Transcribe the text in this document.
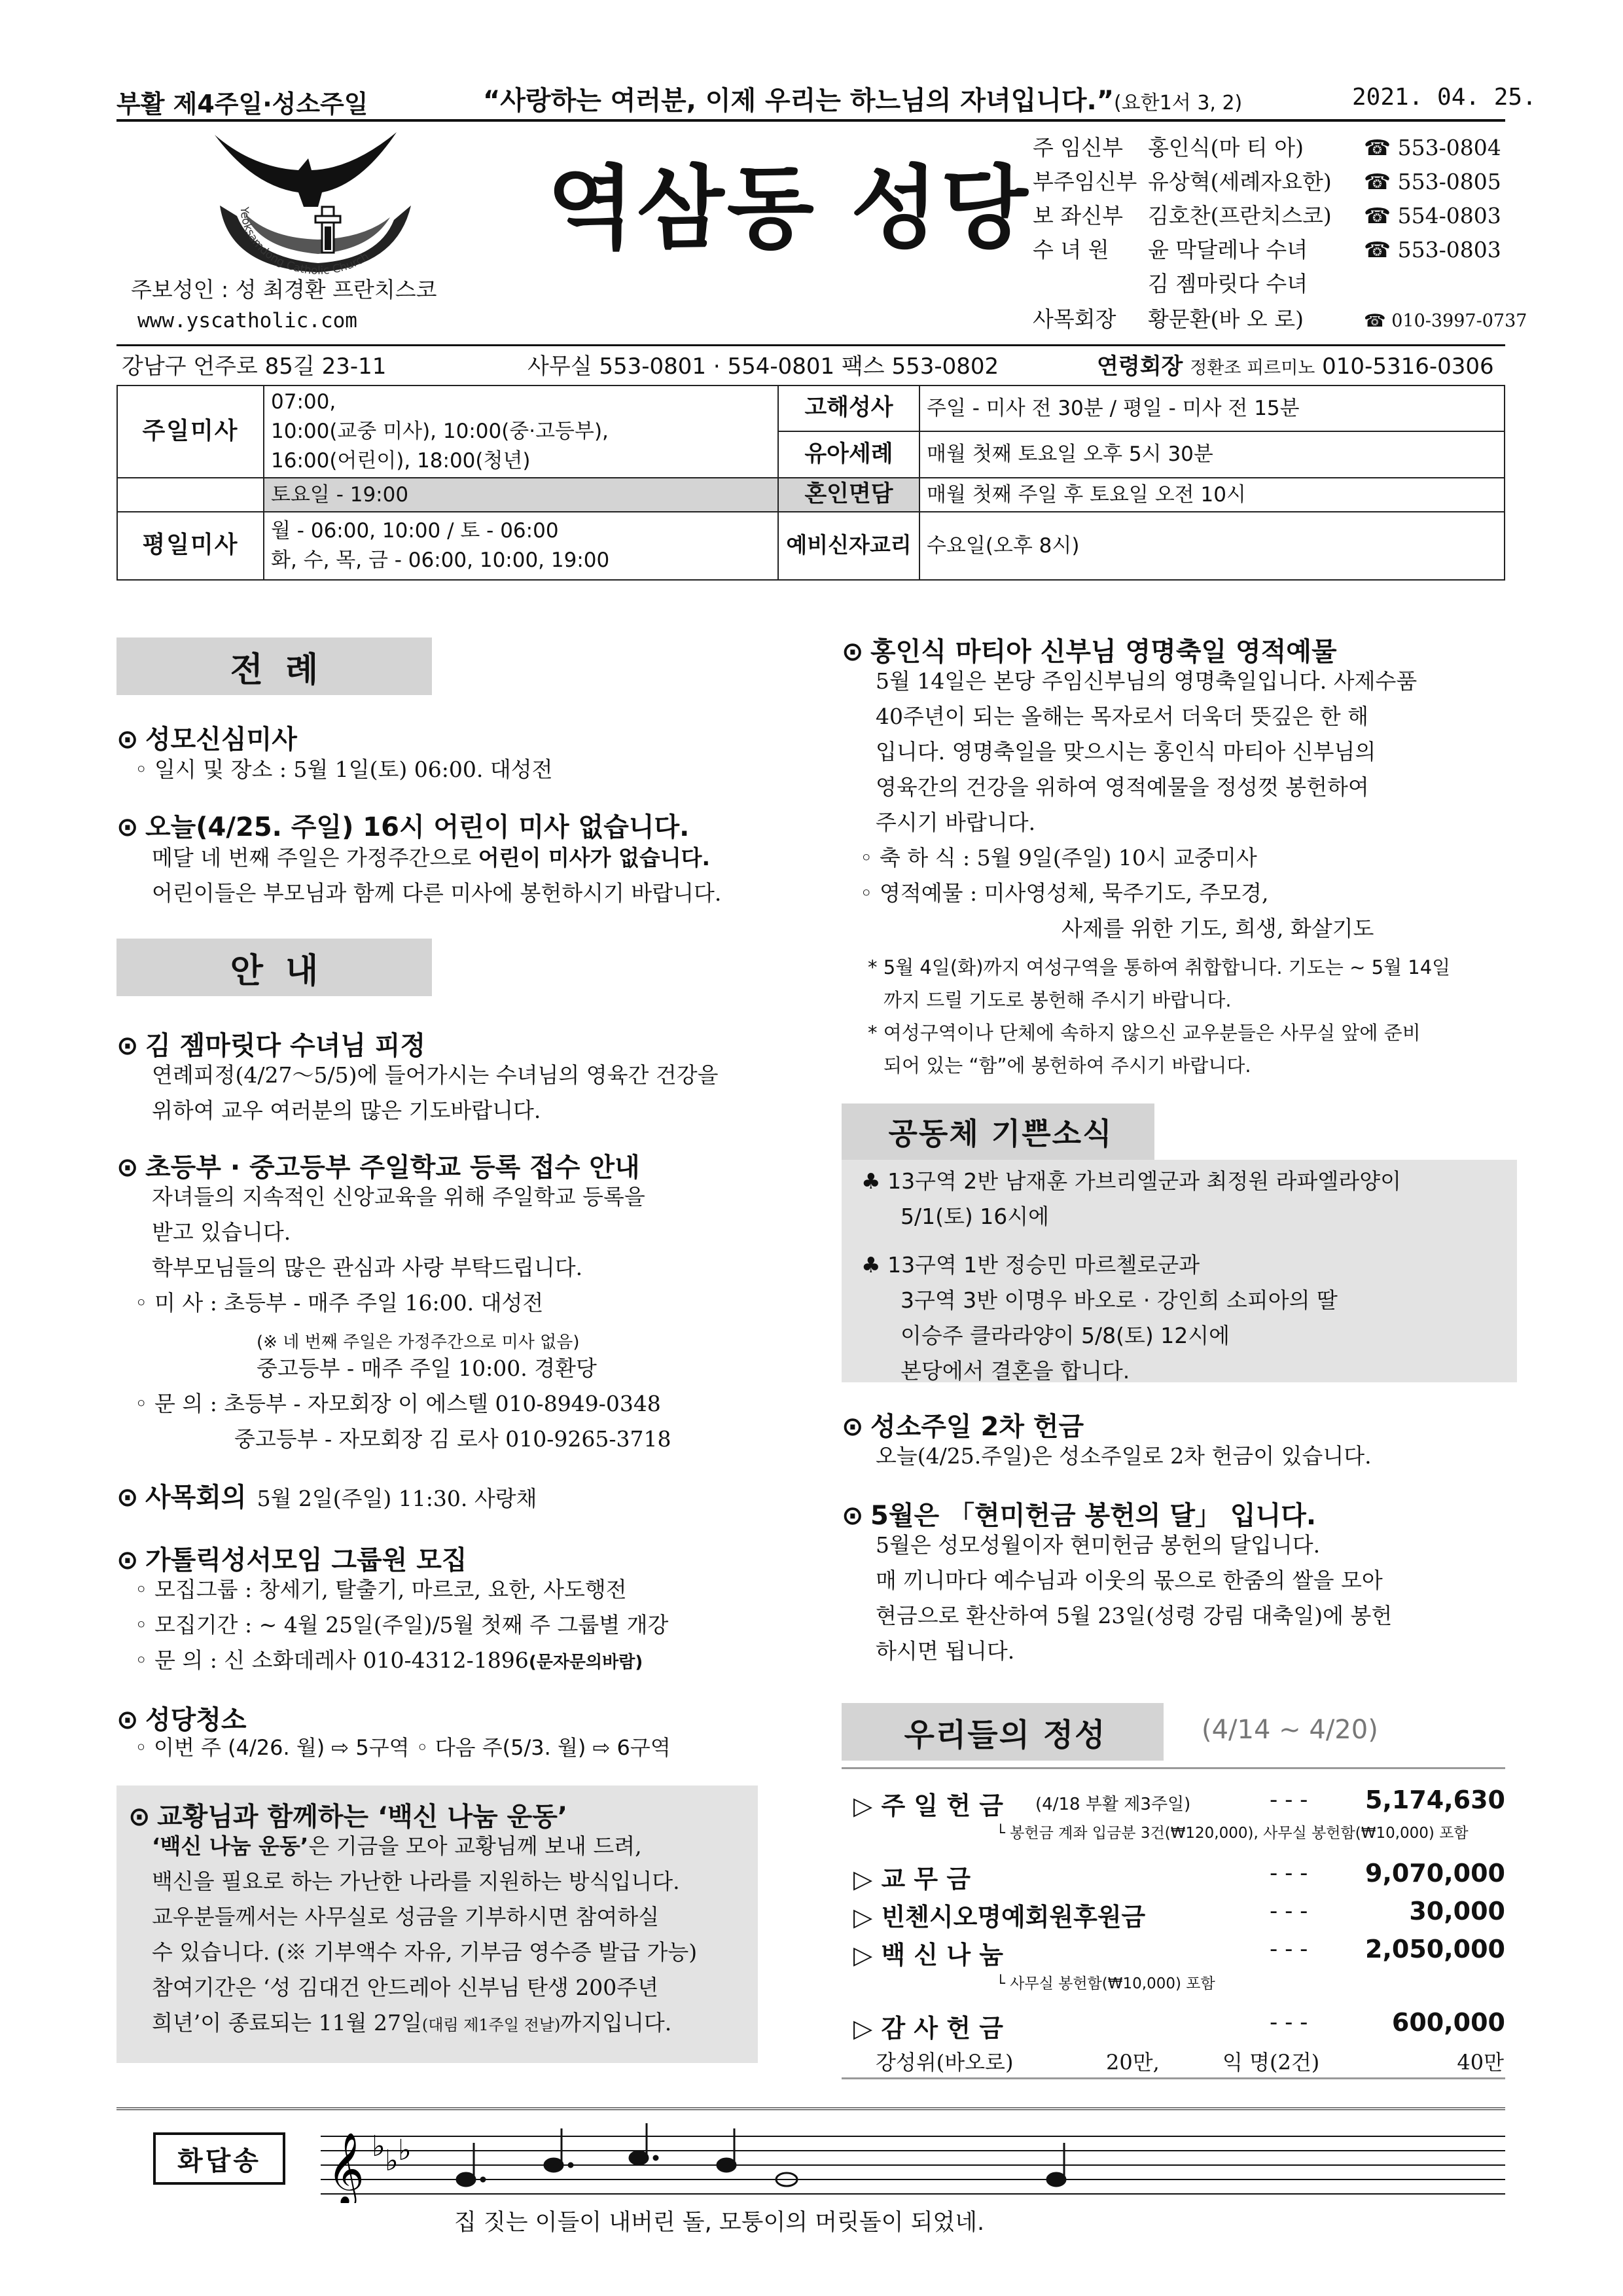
부활 제4주일·성소주일	“사랑하는 여러분, 이제 우리는 하느님의 자녀입니다.”(요한1서 3, 2)	2021. 04. 25.
Yeoksamdong Catholic Church 역삼동 성당
주보성인 : 성 최경환 프란치스코
www.yscatholic.com
주 임신부 홍인식(마 티 아)	☎ 553-0804
부주임신부 유상혁(세례자요한) ☎ 553-0805
보 좌신부 김호찬(프란치스코) ☎ 554-0803
수 녀 원 윤 막달레나 수녀	☎ 553-0803
김 젬마릿다 수녀
사목회장 황문환(바 오 로)	☎ 010-3997-0737
강남구 언주로 85길 23-11	사무실 553-0801 · 554-0801 팩스 553-0802	연령회장 정환조 피르미노 010-5316-0306
주일미사	07:00,
10:00(교중 미사), 10:00(중·고등부),
16:00(어린이), 18:00(청년)	고해성사	주일 - 미사 전 30분 / 평일 - 미사 전 15분
		유아세례	매월 첫째 토요일 오후 5시 30분
	토요일 - 19:00	혼인면담	매월 첫째 주일 후 토요일 오전 10시
평일미사	월 - 06:00, 10:00 / 토 - 06:00
화, 수, 목, 금 - 06:00, 10:00, 19:00	예비신자교리	수요일(오후 8시)
전 례
⊙ 성모신심미사
◦ 일시 및 장소 : 5월 1일(토) 06:00. 대성전
⊙ 오늘(4/25. 주일) 16시 어린이 미사 없습니다.
메달 네 번째 주일은 가정주간으로 어린이 미사가 없습니다.
어린이들은 부모님과 함께 다른 미사에 봉헌하시기 바랍니다.
안 내
⊙ 김 젬마릿다 수녀님 피정
연례피정(4/27～5/5)에 들어가시는 수녀님의 영육간 건강을
위하여 교우 여러분의 많은 기도바랍니다.
⊙ 초등부 · 중고등부 주일학교 등록 접수 안내
자녀들의 지속적인 신앙교육을 위해 주일학교 등록을
받고 있습니다.
학부모님들의 많은 관심과 사랑 부탁드립니다.
◦ 미 사 : 초등부 - 매주 주일 16:00. 대성전
(※ 네 번째 주일은 가정주간으로 미사 없음)
중고등부 - 매주 주일 10:00. 경환당
◦ 문 의 : 초등부 - 자모회장 이 에스텔 010-8949-0348
중고등부 - 자모회장 김 로사 010-9265-3718
⊙ 사목회의 5월 2일(주일) 11:30. 사랑채
⊙ 가톨릭성서모임 그룹원 모집
◦ 모집그룹 : 창세기, 탈출기, 마르코, 요한, 사도행전
◦ 모집기간 : ~ 4월 25일(주일)/5월 첫째 주 그룹별 개강
◦ 문 의 : 신 소화데레사 010-4312-1896(문자문의바람)
⊙ 성당청소
◦ 이번 주 (4/26. 월) ⇨ 5구역 ◦ 다음 주(5/3. 월) ⇨ 6구역
⊙ 교황님과 함께하는 ‘백신 나눔 운동’
‘백신 나눔 운동’은 기금을 모아 교황님께 보내 드려,
백신을 필요로 하는 가난한 나라를 지원하는 방식입니다.
교우분들께서는 사무실로 성금을 기부하시면 참여하실
수 있습니다. (※ 기부액수 자유, 기부금 영수증 발급 가능)
참여기간은 ‘성 김대건 안드레아 신부님 탄생 200주년
희년’이 종료되는 11월 27일(대림 제1주일 전날)까지입니다.
⊙ 홍인식 마티아 신부님 영명축일 영적예물
5월 14일은 본당 주임신부님의 영명축일입니다. 사제수품
40주년이 되는 올해는 목자로서 더욱더 뜻깊은 한 해
입니다. 영명축일을 맞으시는 홍인식 마티아 신부님의
영육간의 건강을 위하여 영적예물을 정성껏 봉헌하여
주시기 바랍니다.
◦ 축 하 식 : 5월 9일(주일) 10시 교중미사
◦ 영적예물 : 미사영성체, 묵주기도, 주모경,
사제를 위한 기도, 희생, 화살기도
* 5월 4일(화)까지 여성구역을 통하여 취합합니다. 기도는 ~ 5월 14일
까지 드릴 기도로 봉헌해 주시기 바랍니다.
* 여성구역이나 단체에 속하지 않으신 교우분들은 사무실 앞에 준비
되어 있는 “함”에 봉헌하여 주시기 바랍니다.
공동체 기쁜소식
♣ 13구역 2반 남재훈 가브리엘군과 최정원 라파엘라양이
5/1(토) 16시에
♣ 13구역 1반 정승민 마르첼로군과
3구역 3반 이명우 바오로 · 강인희 소피아의 딸
이승주 클라라양이 5/8(토) 12시에
본당에서 결혼을 합니다.
⊙ 성소주일 2차 헌금
오늘(4/25.주일)은 성소주일로 2차 헌금이 있습니다.
⊙ 5월은 「현미헌금 봉헌의 달」 입니다.
5월은 성모성월이자 현미헌금 봉헌의 달입니다.
매 끼니마다 예수님과 이웃의 몫으로 한줌의 쌀을 모아
현금으로 환산하여 5월 23일(성령 강림 대축일)에 봉헌
하시면 됩니다.
우리들의 정성	(4/14 ~ 4/20)
▷ 주 일 헌 금 (4/18 부활 제3주일)	- - - 5,174,630
└ 봉헌금 계좌 입금분 3건(₩120,000), 사무실 봉헌함(₩10,000) 포함
▷ 교 무 금	- - - 9,070,000
▷ 빈첸시오명예회원후원금	- - -	30,000
▷ 백 신 나 눔	- - - 2,050,000
└ 사무실 봉헌함(₩10,000) 포함
▷ 감 사 헌 금	- - -	600,000
강성위(바오로)	20만,	익 명(2건)	40만
화답송 𝄞 ♭ ♭ ♭
집 짓는 이들이 내버린 돌, 모퉁이의 머릿돌이 되었네.
